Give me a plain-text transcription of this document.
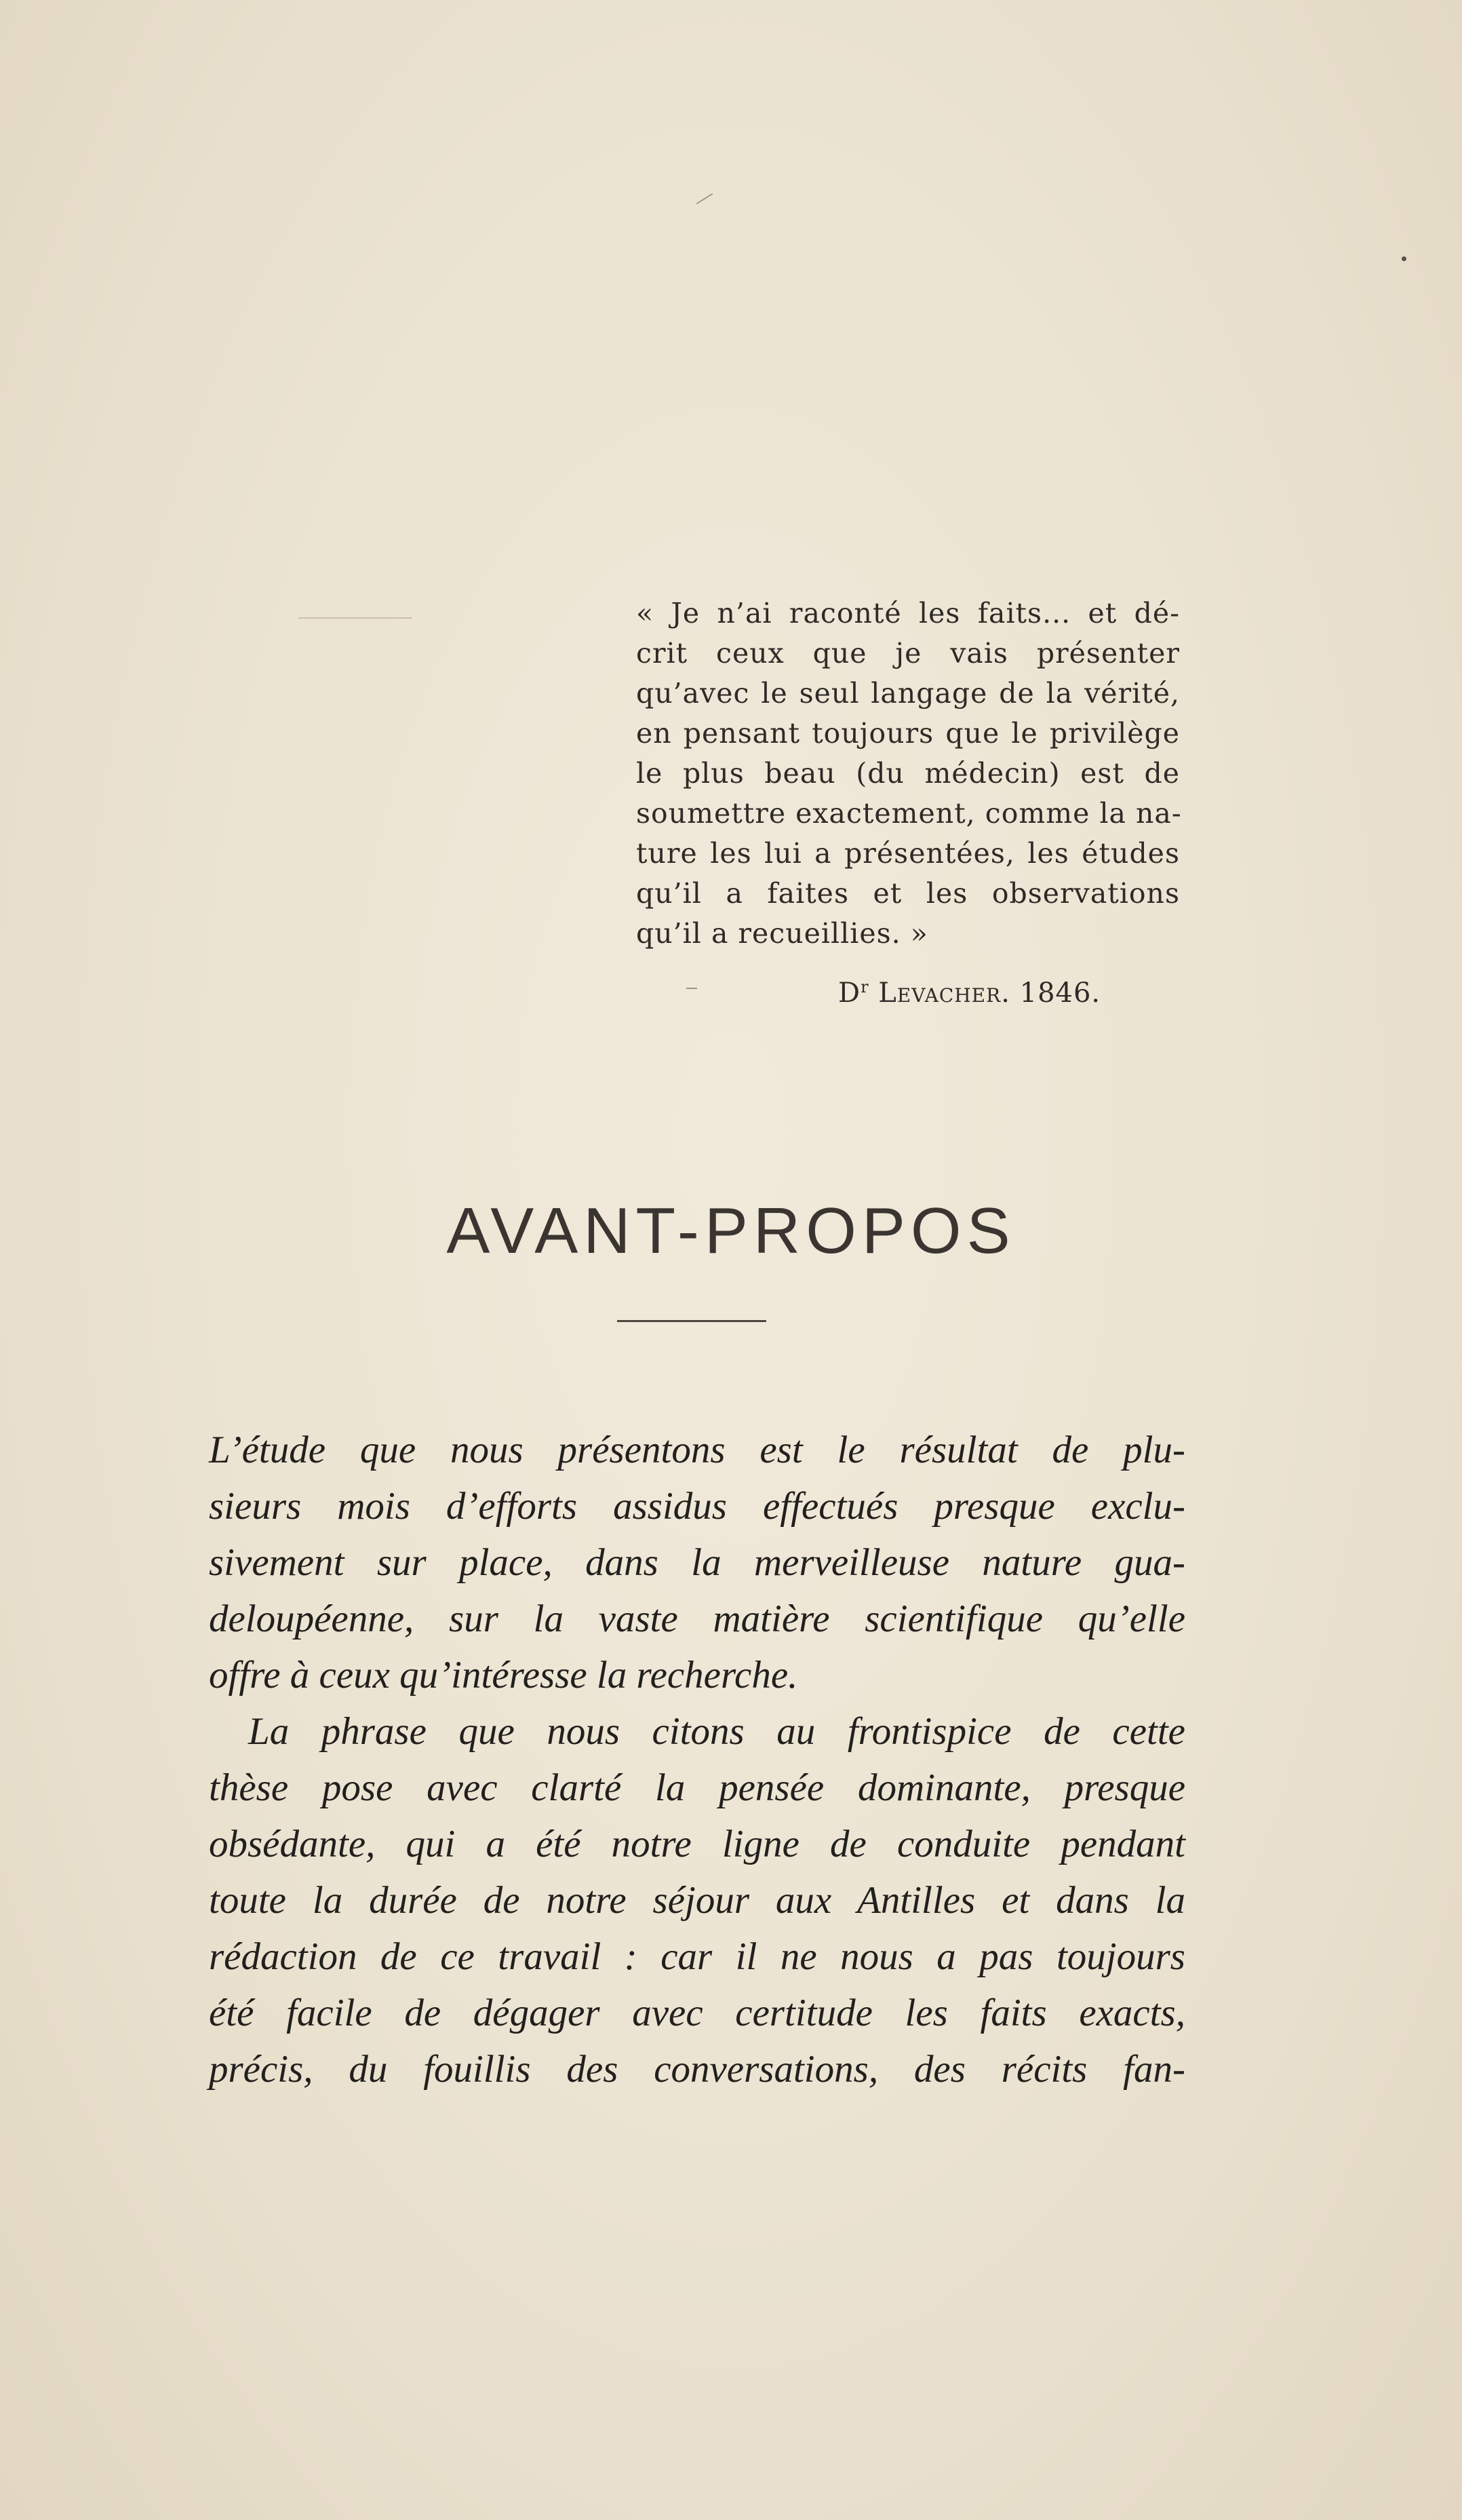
« Je n’ai raconté les faits... et dé-
crit ceux que je vais présenter
qu’avec le seul langage de la vérité,
en pensant toujours que le privilège
le plus beau (du médecin) est de
soumettre exactement, comme la na-
ture les lui a présentées, les études
qu’il a faites et les observations
qu’il a recueillies. »
$D^r$ Levacher. 1846.
AVANT-PROPOS
L’étude que nous présentons est le résultat de plu-
sieurs mois d’efforts assidus effectués presque exclu-
sivement sur place, dans la merveilleuse nature gua-
deloupéenne, sur la vaste matière scientifique qu’elle
offre à ceux qu’intéresse la recherche.
La phrase que nous citons au frontispice de cette
thèse pose avec clarté la pensée dominante, presque
obsédante, qui a été notre ligne de conduite pendant
toute la durée de notre séjour aux Antilles et dans la
rédaction de ce travail : car il ne nous a pas toujours
été facile de dégager avec certitude les faits exacts,
précis, du fouillis des conversations, des récits fan-
